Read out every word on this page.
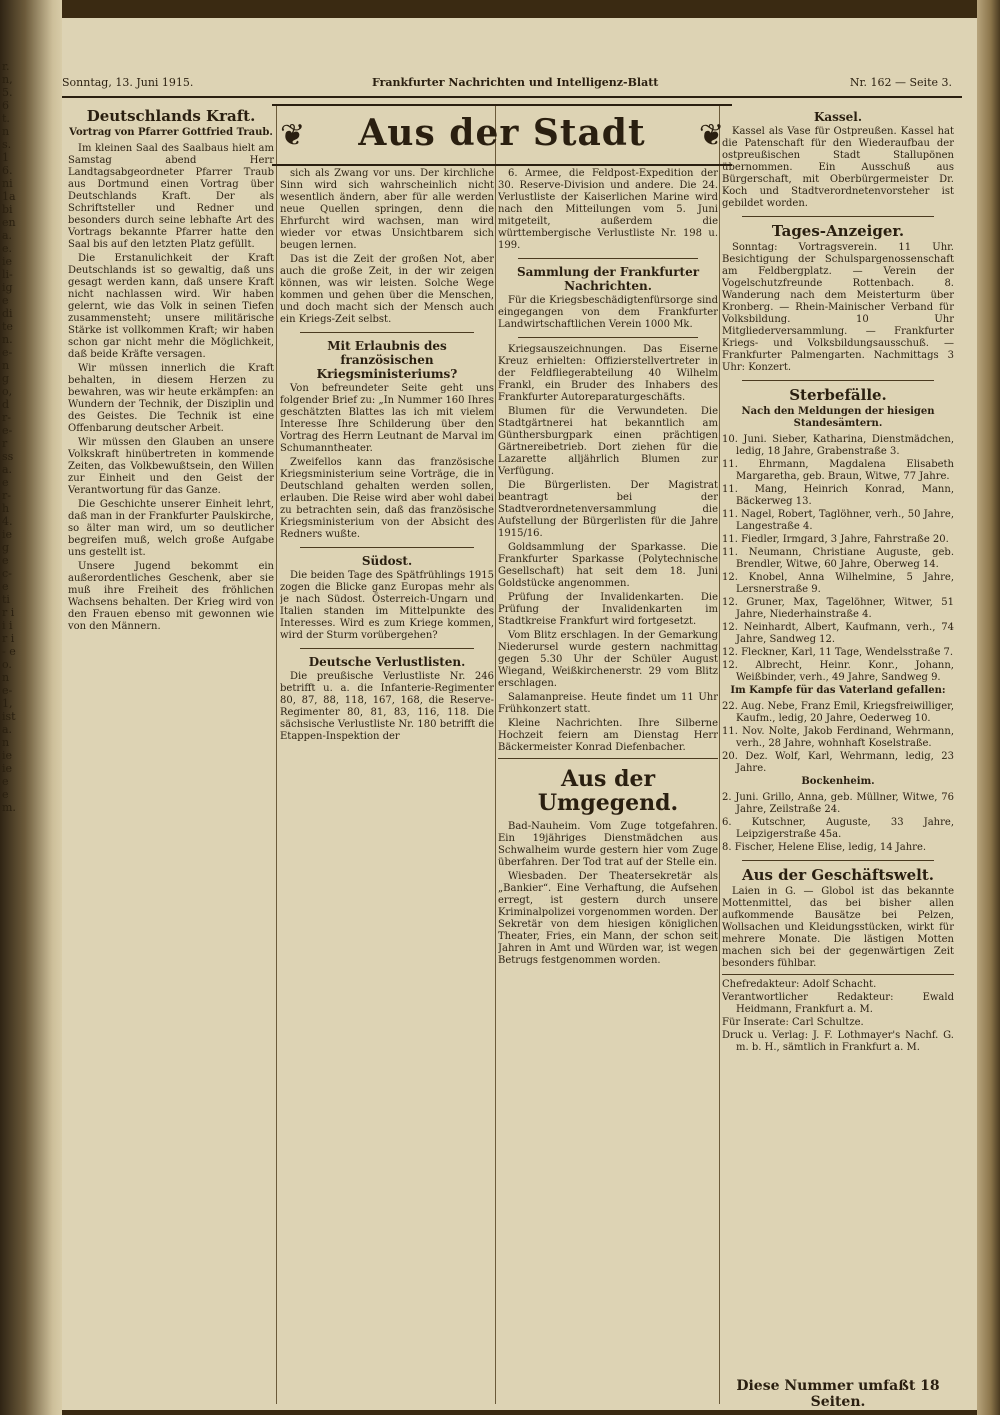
r. n, 5.6 t. n s. 16. ni 1a bi en a. e. ie li- ig e di te n. e- n g o, d r- e- r ss a. e r- h 4. ie g e c- e ti r ii ir i- e o. n e- 1, ist a. n ie ie e e m.
Sonntag, 13. Juni 1915.	Frankfurter Nachrichten und Intelligenz-Blatt	Nr. 162 — Seite 3.
Deutschlands Kraft.
Vortrag von Pfarrer Gottfried Traub.

Im kleinen Saal des Saalbaus hielt am Samstag abend Herr Landtagsabgeordneter Pfarrer Traub aus Dortmund einen Vortrag über Deutschlands Kraft. Der als Schriftsteller und Redner und besonders durch seine lebhafte Art des Vortrags bekannte Pfarrer hatte den Saal bis auf den letzten Platz gefüllt.

Die Erstanulichkeit der Kraft Deutschlands ist so gewaltig, daß uns gesagt werden kann, daß unsere Kraft nicht nachlassen wird. Wir haben gelernt, wie das Volk in seinen Tiefen zusammensteht; unsere militärische Stärke ist vollkommen Kraft; wir haben schon gar nicht mehr die Möglichkeit, daß beide Kräfte versagen.

Wir müssen innerlich die Kraft behalten, in diesem Herzen zu bewahren, was wir heute erkämpfen: an Wundern der Technik, der Disziplin und des Geistes. Die Technik ist eine Offenbarung deutscher Arbeit.

Wir müssen den Glauben an unsere Volkskraft hinübertreten in kommende Zeiten, das Volkbewußtsein, den Willen zur Einheit und den Geist der Verantwortung für das Ganze.

Die Geschichte unserer Einheit lehrt, daß man in der Frankfurter Paulskirche, so älter man wird, um so deutlicher begreifen muß, welch große Aufgabe uns gestellt ist.

Unsere Jugend bekommt ein außerordentliches Geschenk, aber sie muß ihre Freiheit des fröhlichen Wachsens behalten. Der Krieg wird von den Frauen ebenso mit gewonnen wie von den Männern.

❦	Aus der Stadt	❦

sich als Zwang vor uns. Der kirchliche Sinn wird sich wahrscheinlich nicht wesentlich ändern, aber für alle werden neue Quellen springen, denn die Ehrfurcht wird wachsen, man wird wieder vor etwas Unsichtbarem sich beugen lernen.

Das ist die Zeit der großen Not, aber auch die große Zeit, in der wir zeigen können, was wir leisten. Solche Wege kommen und gehen über die Menschen, und doch macht sich der Mensch auch ein Kriegs-Zeit selbst.

Mit Erlaubnis des französischen Kriegsministeriums?

Von befreundeter Seite geht uns folgender Brief zu: „In Nummer 160 Ihres geschätzten Blattes las ich mit vielem Interesse Ihre Schilderung über den Vortrag des Herrn Leutnant de Marval im Schumanntheater.

Zweifellos kann das französische Kriegsministerium seine Vorträge, die in Deutschland gehalten werden sollen, erlauben. Die Reise wird aber wohl dabei zu betrachten sein, daß das französische Kriegsministerium von der Absicht des Redners wußte.

Südost.

Die beiden Tage des Spätfrühlings 1915 zogen die Blicke ganz Europas mehr als je nach Südost. Österreich-Ungarn und Italien standen im Mittelpunkte des Interesses. Wird es zum Kriege kommen, wird der Sturm vorübergehen?

Deutsche Verlustlisten.

Die preußische Verlustliste Nr. 246 betrifft u. a. die Infanterie-Regimenter 80, 87, 88, 118, 167, 168, die Reserve-Regimenter 80, 81, 83, 116, 118. Die sächsische Verlustliste Nr. 180 betrifft die Etappen-Inspektion der

6. Armee, die Feldpost-Expedition der 30. Reserve-Division und andere. Die 24. Verlustliste der Kaiserlichen Marine wird nach den Mitteilungen vom 5. Juni mitgeteilt, außerdem die württembergische Verlustliste Nr. 198 u. 199.

Sammlung der Frankfurter Nachrichten.

Für die Kriegsbeschädigtenfürsorge sind eingegangen von dem Frankfurter Landwirtschaftlichen Verein 1000 Mk.

Kriegsauszeichnungen. Das Eiserne Kreuz erhielten: Offizierstellvertreter in der Feldfliegerabteilung 40 Wilhelm Frankl, ein Bruder des Inhabers des Frankfurter Autoreparaturgeschäfts.

Blumen für die Verwundeten. Die Stadtgärtnerei hat bekanntlich am Günthersburgpark einen prächtigen Gärtnereibetrieb. Dort ziehen für die Lazarette alljährlich Blumen zur Verfügung.

Die Bürgerlisten. Der Magistrat beantragt bei der Stadtverordnetenversammlung die Aufstellung der Bürgerlisten für die Jahre 1915/16.

Goldsammlung der Sparkasse. Die Frankfurter Sparkasse (Polytechnische Gesellschaft) hat seit dem 18. Juni Goldstücke angenommen.

Prüfung der Invalidenkarten. Die Prüfung der Invalidenkarten im Stadtkreise Frankfurt wird fortgesetzt.

Vom Blitz erschlagen. In der Gemarkung Niederursel wurde gestern nachmittag gegen 5.30 Uhr der Schüler August Wiegand, Weißkirchenerstr. 29 vom Blitz erschlagen.

Salamanpreise. Heute findet um 11 Uhr Frühkonzert statt.

Kleine Nachrichten. Ihre Silberne Hochzeit feiern am Dienstag Herr Bäckermeister Konrad Diefenbacher.

Aus der Umgegend.

Bad-Nauheim. Vom Zuge totgefahren. Ein 19jähriges Dienstmädchen aus Schwalheim wurde gestern hier vom Zuge überfahren. Der Tod trat auf der Stelle ein.

Wiesbaden. Der Theatersekretär als „Bankier“. Eine Verhaftung, die Aufsehen erregt, ist gestern durch unsere Kriminalpolizei vorgenommen worden. Der Sekretär von dem hiesigen königlichen Theater, Fries, ein Mann, der schon seit Jahren in Amt und Würden war, ist wegen Betrugs festgenommen worden.

Kassel.

Kassel als Vase für Ostpreußen. Kassel hat die Patenschaft für den Wiederaufbau der ostpreußischen Stadt Stallupönen übernommen. Ein Ausschuß aus Bürgerschaft, mit Oberbürgermeister Dr. Koch und Stadtverordnetenvorsteher ist gebildet worden.

Tages-Anzeiger.

Sonntag: Vortragsverein. 11 Uhr. Besichtigung der Schulspargenossenschaft am Feldbergplatz. — Verein der Vogelschutzfreunde Rottenbach. 8. Wanderung nach dem Meisterturm über Kronberg. — Rhein-Mainischer Verband für Volksbildung. 10 Uhr Mitgliederversammlung. — Frankfurter Kriegs- und Volksbildungsausschuß. — Frankfurter Palmengarten. Nachmittags 3 Uhr: Konzert.

Sterbefälle.
Nach den Meldungen der hiesigen Standesämtern.
10. Juni. Sieber, Katharina, Dienstmädchen, ledig, 18 Jahre, Grabenstraße 3.
11. Ehrmann, Magdalena Elisabeth Margaretha, geb. Braun, Witwe, 77 Jahre.
11. Mang, Heinrich Konrad, Mann, Bäckerweg 13.
11. Nagel, Robert, Taglöhner, verh., 50 Jahre, Langestraße 4.
11. Fiedler, Irmgard, 3 Jahre, Fahrstraße 20.
11. Neumann, Christiane Auguste, geb. Brendler, Witwe, 60 Jahre, Oberweg 14.
12. Knobel, Anna Wilhelmine, 5 Jahre, Lersnerstraße 9.
12. Gruner, Max, Tagelöhner, Witwer, 51 Jahre, Niederhainstraße 4.
12. Neinhardt, Albert, Kaufmann, verh., 74 Jahre, Sandweg 12.
12. Fleckner, Karl, 11 Tage, Wendelsstraße 7.
12. Albrecht, Heinr. Konr., Johann, Weißbinder, verh., 49 Jahre, Sandweg 9.
Im Kampfe für das Vaterland gefallen:
22. Aug. Nebe, Franz Emil, Kriegsfreiwilliger, Kaufm., ledig, 20 Jahre, Oederweg 10.
11. Nov. Nolte, Jakob Ferdinand, Wehrmann, verh., 28 Jahre, wohnhaft Koselstraße.
20. Dez. Wolf, Karl, Wehrmann, ledig, 23 Jahre.
Bockenheim.
2. Juni. Grillo, Anna, geb. Müllner, Witwe, 76 Jahre, Zeilstraße 24.
6. Kutschner, Auguste, 33 Jahre, Leipzigerstraße 45a.
8. Fischer, Helene Elise, ledig, 14 Jahre.
Aus der Geschäftswelt.

Laien in G. — Globol ist das bekannte Mottenmittel, das bei bisher allen aufkommende Bausätze bei Pelzen, Wollsachen und Kleidungsstücken, wirkt für mehrere Monate. Die lästigen Motten machen sich bei der gegenwärtigen Zeit besonders fühlbar.

Chefredakteur: Adolf Schacht.
Verantwortlicher Redakteur: Ewald Heidmann, Frankfurt a. M.
Für Inserate: Carl Schultze.
Druck u. Verlag: J. F. Lothmayer's Nachf. G. m. b. H., sämtlich in Frankfurt a. M.
Diese Nummer umfaßt 18 Seiten.
